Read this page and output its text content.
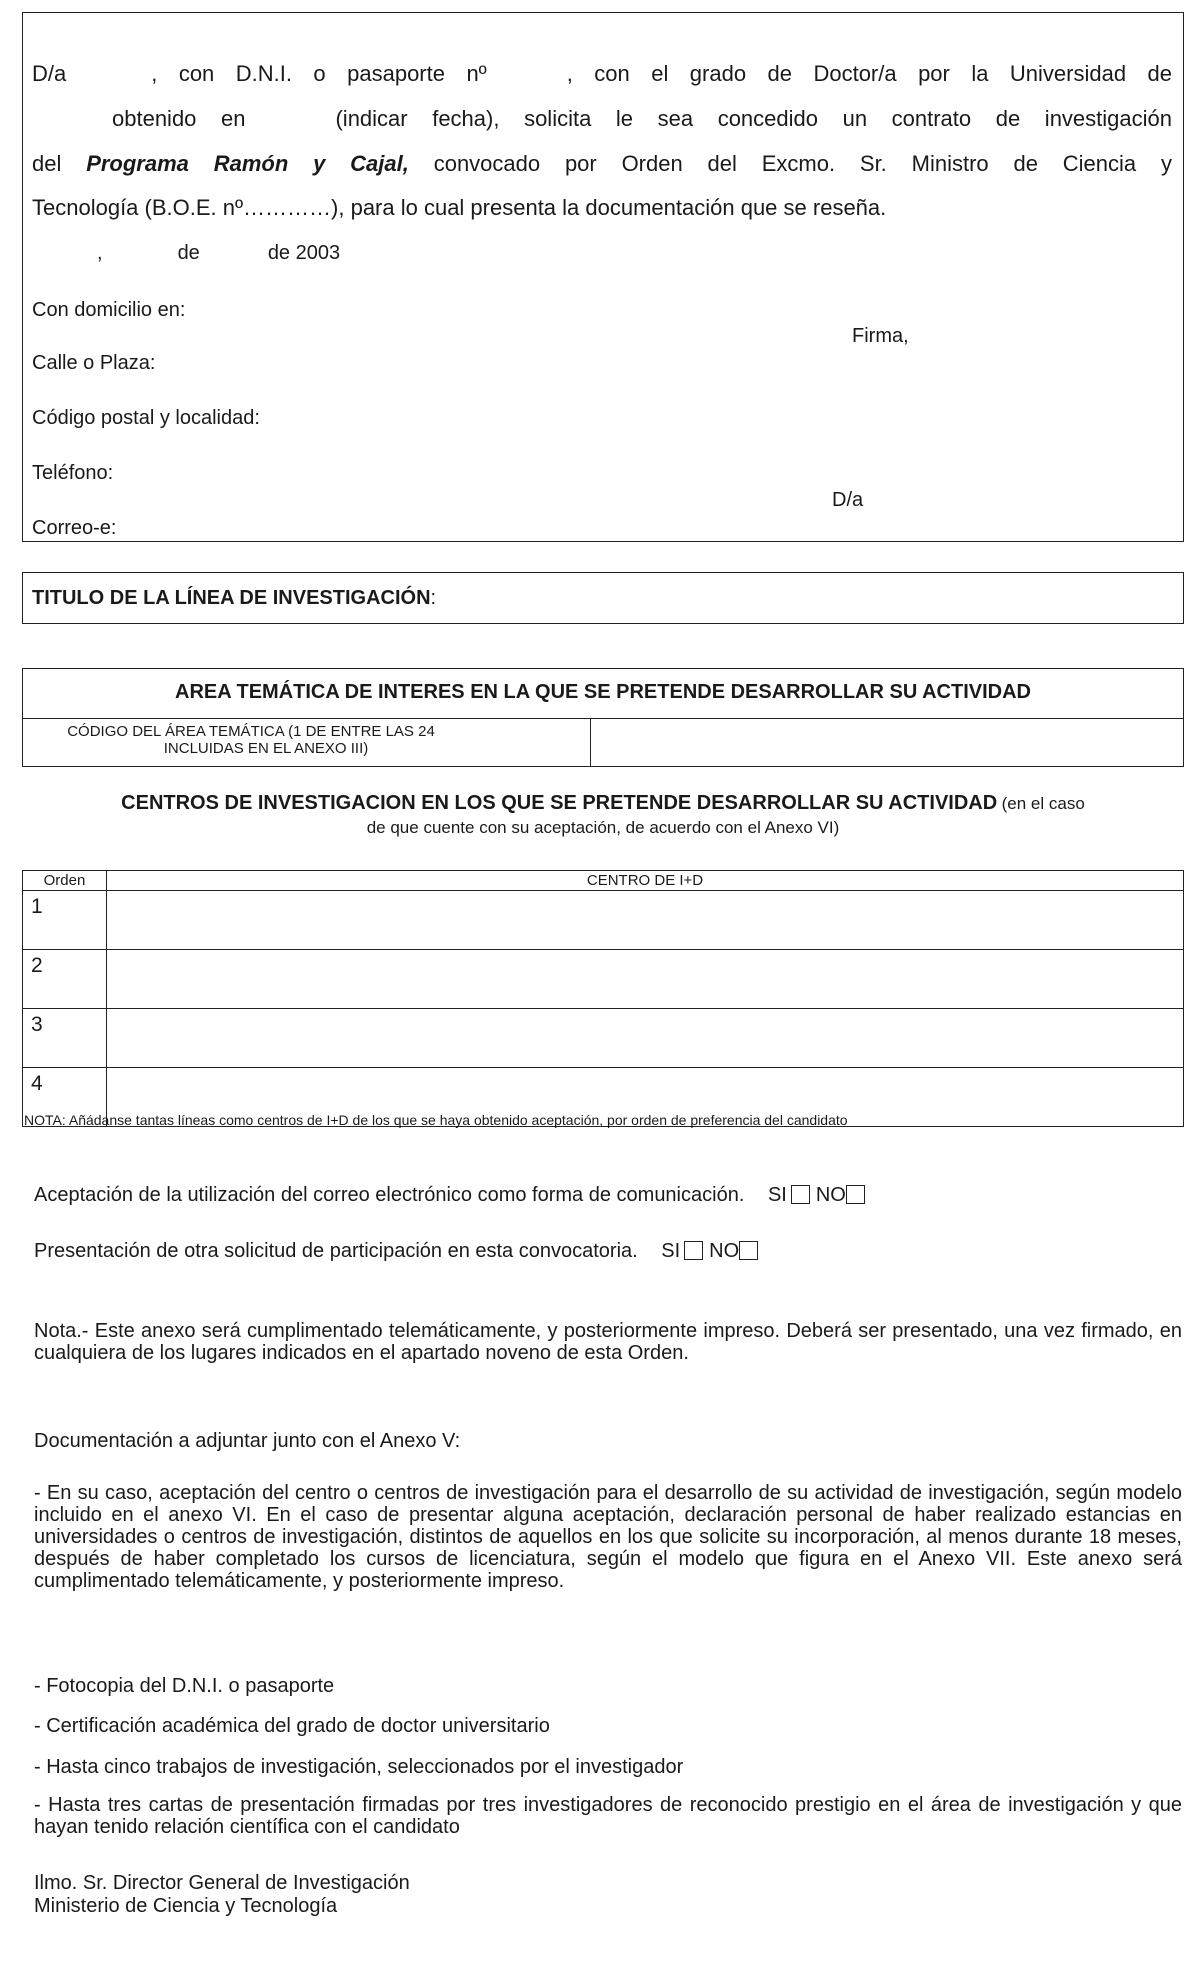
D/a	, con D.N.I. o pasaporte nº	, con el grado de Doctor/a por la Universidad de
obtenido en	(indicar fecha), solicita le sea concedido un contrato de investigación
del Programa Ramón y Cajal, convocado por Orden del Excmo. Sr. Ministro de Ciencia y
Tecnología (B.O.E. nº…………), para lo cual presenta la documentación que se reseña.
,	de	de 2003
Con domicilio en:
Firma,
Calle o Plaza:
Código postal y localidad:
Teléfono:
D/a
Correo-e:
TITULO DE LA LÍNEA DE INVESTIGACIÓN:
AREA TEMÁTICA DE INTERES EN LA QUE SE PRETENDE DESARROLLAR SU ACTIVIDAD
CÓDIGO DEL ÁREA TEMÁTICA (1 DE ENTRE LAS 24
INCLUIDAS EN EL ANEXO III)
CENTROS DE INVESTIGACION EN LOS QUE SE PRETENDE DESARROLLAR SU ACTIVIDAD (en el caso
de que cuente con su aceptación, de acuerdo con el Anexo VI)
Orden	CENTRO DE I+D
1	
2	
3	
4	
NOTA: Añádanse tantas líneas como centros de I+D de los que se haya obtenido aceptación, por orden de preferencia del candidato
Aceptación de la utilización del correo electrónico como forma de comunicación. SI NO
Presentación de otra solicitud de participación en esta convocatoria. SI NO
Nota.- Este anexo será cumplimentado telemáticamente, y posteriormente impreso. Deberá ser presentado, una vez firmado, en cualquiera de los lugares indicados en el apartado noveno de esta Orden.
Documentación a adjuntar junto con el Anexo V:
- En su caso, aceptación del centro o centros de investigación para el desarrollo de su actividad de investigación, según modelo incluido en el anexo VI. En el caso de presentar alguna aceptación, declaración personal de haber realizado estancias en universidades o centros de investigación, distintos de aquellos en los que solicite su incorporación, al menos durante 18 meses, después de haber completado los cursos de licenciatura, según el modelo que figura en el Anexo VII. Este anexo será cumplimentado telemáticamente, y posteriormente impreso.
- Fotocopia del D.N.I. o pasaporte
- Certificación académica del grado de doctor universitario
- Hasta cinco trabajos de investigación, seleccionados por el investigador
- Hasta tres cartas de presentación firmadas por tres investigadores de reconocido prestigio en el área de investigación y que hayan tenido relación científica con el candidato
Ilmo. Sr. Director General de Investigación
Ministerio de Ciencia y Tecnología
